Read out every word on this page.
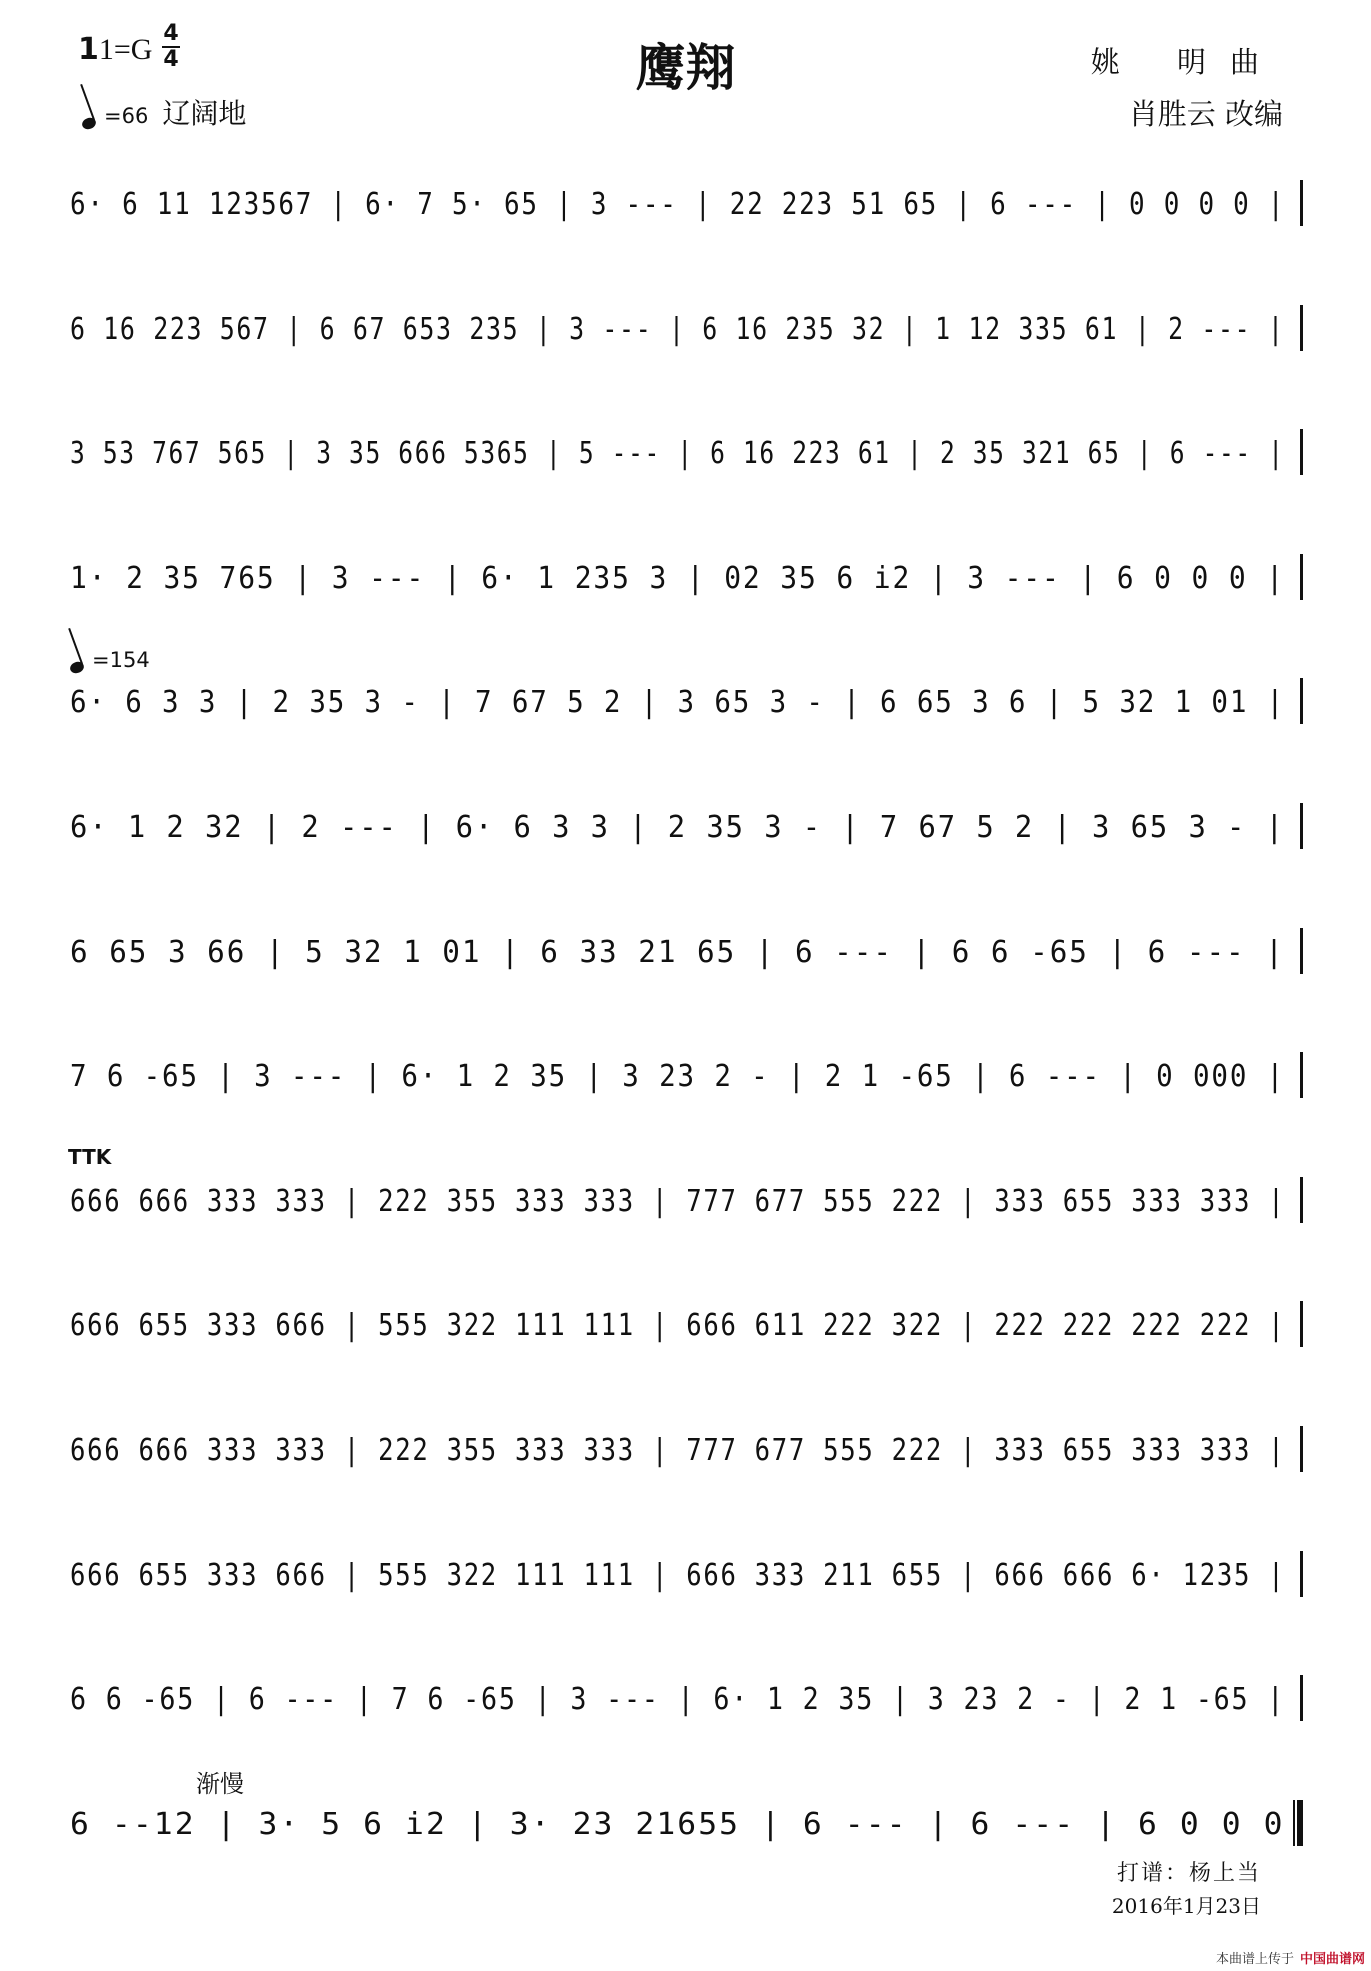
11=G 4
4
=66 辽阔地
鹰翔	姚 明曲
肖胜云 改编
=154
6· 6 11 123567 | 6· 7 5· 65 | 3 --- | 22 223 51 65 | 6 --- | 0 0 0 0 |
6 16 223 567 | 6 67 653 235 | 3 --- | 6 16 235 32 | 1 12 335 61 | 2 --- |
3 53 767 565 | 3 35 666 5365 | 5 --- | 6 16 223 61 | 2 35 321 65 | 6 --- |
1· 2 35 765 | 3 --- | 6· 1 235 3 | 02 35 6 i2 | 3 --- | 6 0 0 0 |
6· 6 3 3 | 2 35 3 - | 7 67 5 2 | 3 65 3 - | 6 65 3 6 | 5 32 1 01 |
6· 1 2 32 | 2 --- | 6· 6 3 3 | 2 35 3 - | 7 67 5 2 | 3 65 3 - |
6 65 3 66 | 5 32 1 01 | 6 33 21 65 | 6 --- | 6 6 -65 | 6 --- |
7 6 -65 | 3 --- | 6· 1 2 35 | 3 23 2 - | 2 1 -65 | 6 --- | 0 000 |
TTK
666 666 333 333 | 222 355 333 333 | 777 677 555 222 | 333 655 333 333 |
666 655 333 666 | 555 322 111 111 | 666 611 222 322 | 222 222 222 222 |
666 666 333 333 | 222 355 333 333 | 777 677 555 222 | 333 655 333 333 |
666 655 333 666 | 555 322 111 111 | 666 333 211 655 | 666 666 6· 1235 |
6 6 -65 | 6 --- | 7 6 -65 | 3 --- | 6· 1 2 35 | 3 23 2 - | 2 1 -65 |
渐慢
6 --12 | 3· 5 6 i2 | 3· 23 21655 | 6 --- | 6 --- | 6 0 0 0
打谱：杨上当
2016年1月23日
本曲谱上传于 中国曲谱网
